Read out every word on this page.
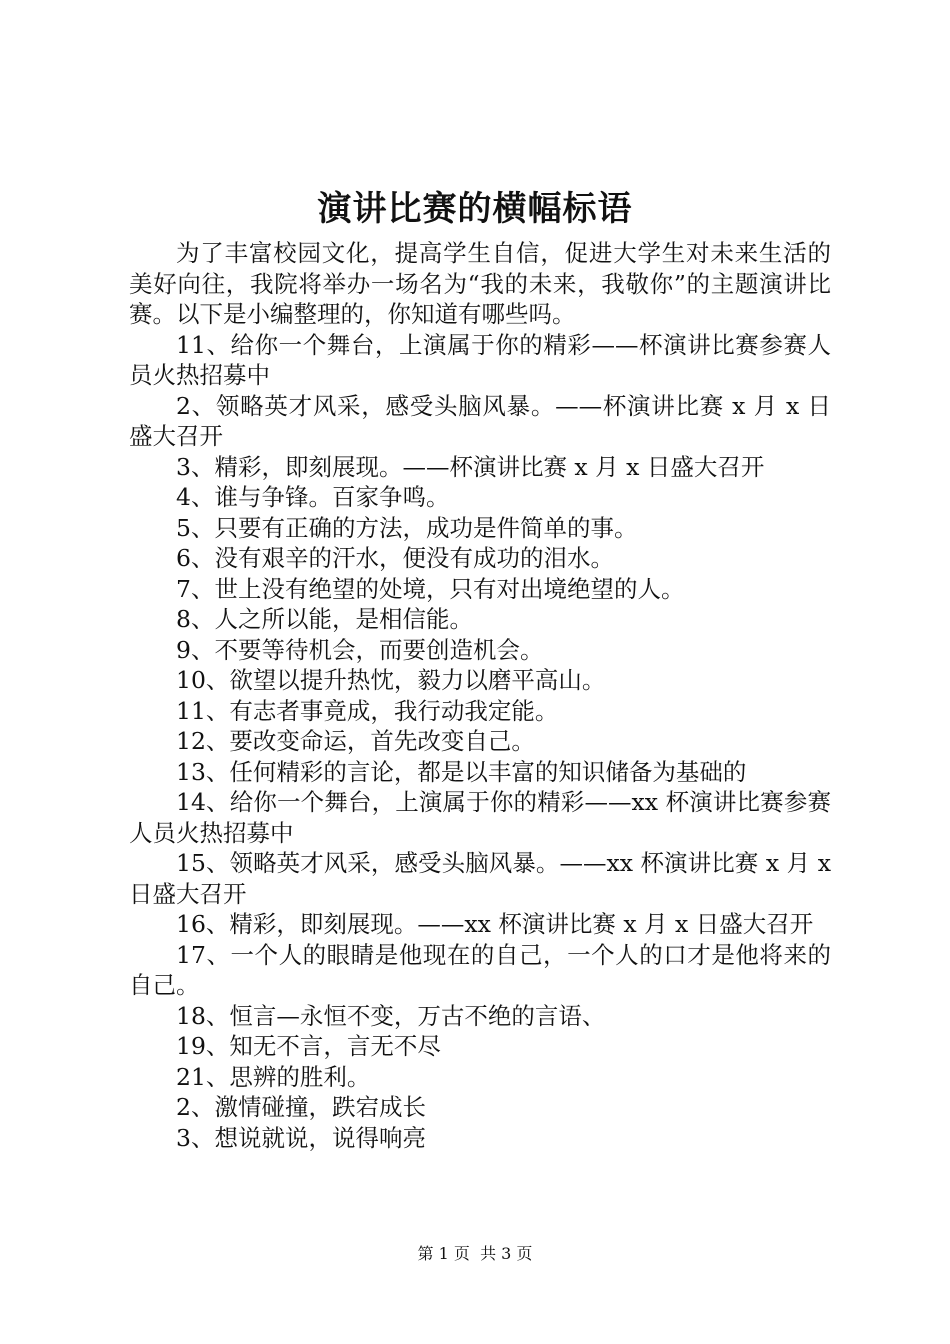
演讲比赛的横幅标语

为了丰富校园文化，提高学生自信，促进大学生对未来生活的美好向往，我院将举办一场名为“我的未来，我敬你”的主题演讲比赛。以下是小编整理的，你知道有哪些吗。

11、给你一个舞台，上演属于你的精彩——杯演讲比赛参赛人员火热招募中

2、领略英才风采，感受头脑风暴。——杯演讲比赛 x 月 x 日盛大召开

3、精彩，即刻展现。——杯演讲比赛 x 月 x 日盛大召开

4、谁与争锋。百家争鸣。

5、只要有正确的方法，成功是件简单的事。

6、没有艰辛的汗水，便没有成功的泪水。

7、世上没有绝望的处境，只有对出境绝望的人。

8、人之所以能，是相信能。

9、不要等待机会，而要创造机会。

10、欲望以提升热忱，毅力以磨平高山。

11、有志者事竟成，我行动我定能。

12、要改变命运，首先改变自己。

13、任何精彩的言论，都是以丰富的知识储备为基础的

14、给你一个舞台，上演属于你的精彩——xx 杯演讲比赛参赛人员火热招募中

15、领略英才风采，感受头脑风暴。——xx 杯演讲比赛 x 月 x 日盛大召开

16、精彩，即刻展现。——xx 杯演讲比赛 x 月 x 日盛大召开

17、一个人的眼睛是他现在的自己，一个人的口才是他将来的自己。

18、恒言—永恒不变，万古不绝的言语、

19、知无不言，言无不尽

21、思辨的胜利。

2、激情碰撞，跌宕成长

3、想说就说，说得响亮

第 1 页 共 3 页
